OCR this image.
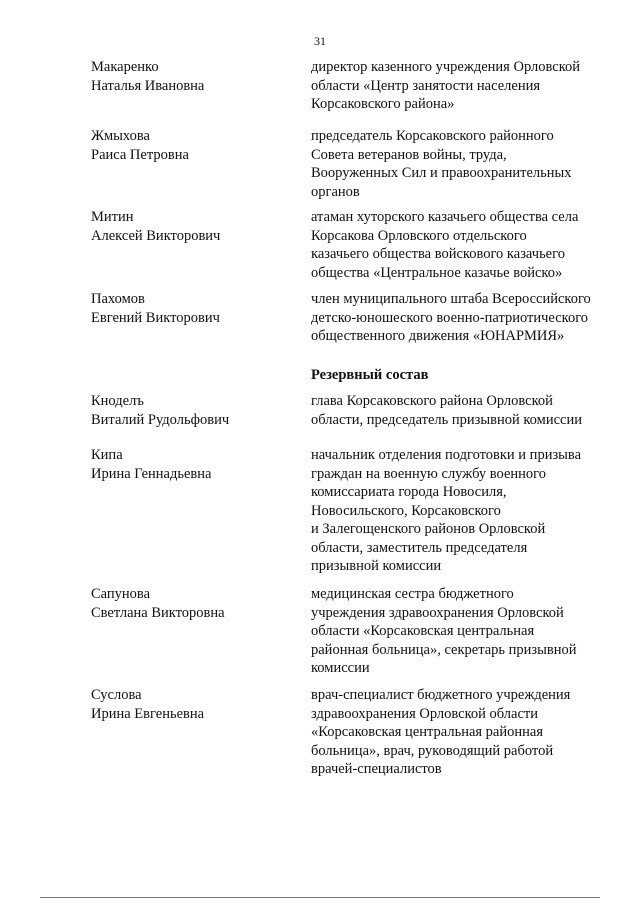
31
Макаренко
Наталья Ивановна
директор казенного учреждения Орловской
области «Центр занятости населения
Корсаковского района»
Жмыхова
Раиса Петровна
председатель Корсаковского районного
Совета ветеранов войны, труда,
Вооруженных Сил и правоохранительных
органов
Митин
Алексей Викторович
атаман хуторского казачьего общества села
Корсакова Орловского отдельского
казачьего общества войскового казачьего
общества «Центральное казачье войско»
Пахомов
Евгений Викторович
член муниципального штаба Всероссийского
детско-юношеского военно-патриотического
общественного движения «ЮНАРМИЯ»
Резервный состав
Кноделъ
Виталий Рудольфович
глава Корсаковского района Орловской
области, председатель призывной комиссии
Кипа
Ирина Геннадьевна
начальник отделения подготовки и призыва
граждан на военную службу военного
комиссариата города Новосиля,
Новосильского, Корсаковского
и Залегощенского районов Орловской
области, заместитель председателя
призывной комиссии
Сапунова
Светлана Викторовна
медицинская сестра бюджетного
учреждения здравоохранения Орловской
области «Корсаковская центральная
районная больница», секретарь призывной
комиссии
Суслова
Ирина Евгеньевна
врач-специалист бюджетного учреждения
здравоохранения Орловской области
«Корсаковская центральная районная
больница», врач, руководящий работой
врачей-специалистов
